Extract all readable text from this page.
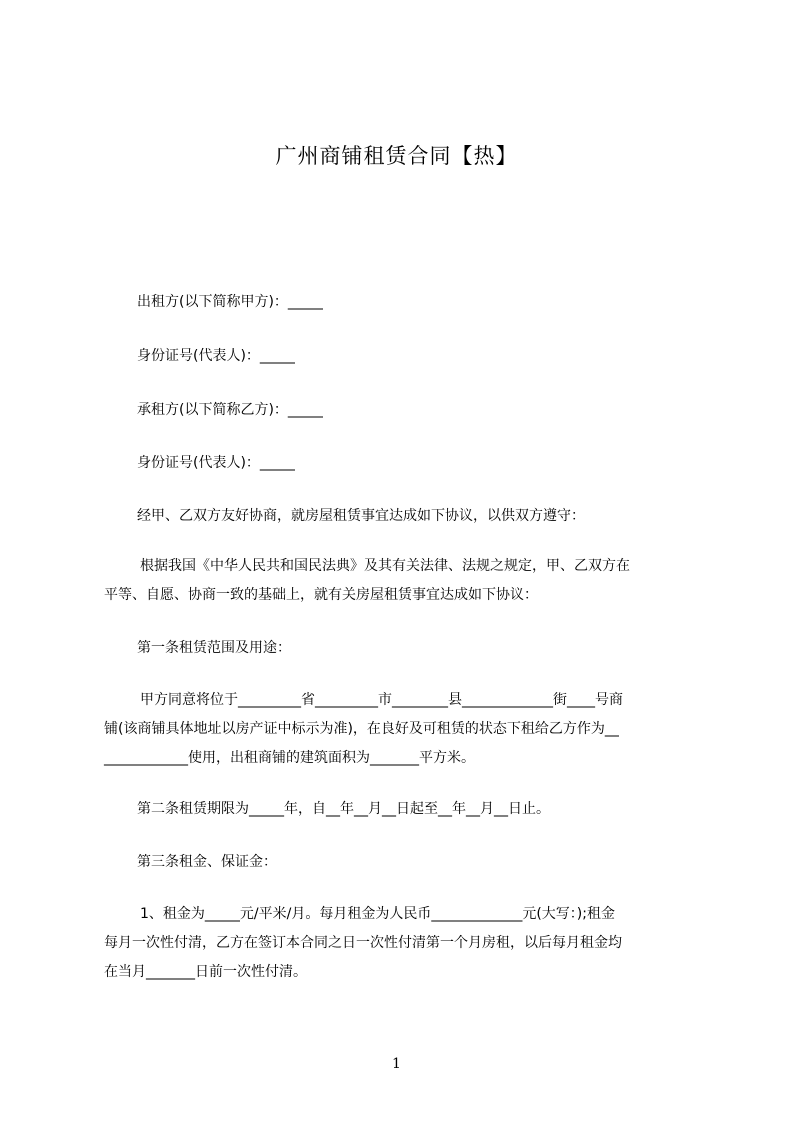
广州商铺租赁合同【热】

出租方(以下简称甲方)：_____

身份证号(代表人)：_____

承租方(以下简称乙方)：_____

身份证号(代表人)：_____

经甲、乙双方友好协商，就房屋租赁事宜达成如下协议，以供双方遵守：

根据我国《中华人民共和国民法典》及其有关法律、法规之规定，甲、乙双方在
平等、自愿、协商一致的基础上，就有关房屋租赁事宜达成如下协议：

第一条租赁范围及用途：

甲方同意将位于_________省_________市________县_____________街____号商
铺(该商铺具体地址以房产证中标示为准)，在良好及可租赁的状态下租给乙方作为__
____________使用，出租商铺的建筑面积为_______平方米。

第二条租赁期限为_____年，自__年__月__日起至__年__月__日止。

第三条租金、保证金：

1、租金为_____元/平米/月。每月租金为人民币_____________元(大写：);租金
每月一次性付清，乙方在签订本合同之日一次性付清第一个月房租，以后每月租金均
在当月_______日前一次性付清。
1
